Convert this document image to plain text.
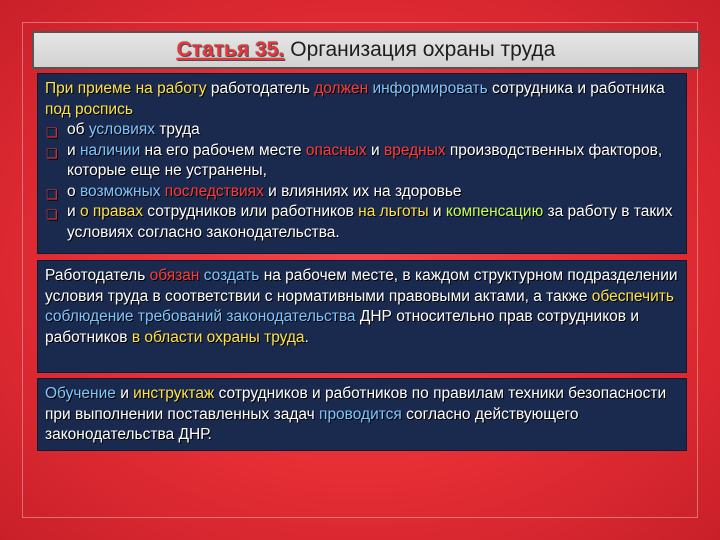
Статья 35. Организация охраны труда
При приеме на работу работодатель должен информировать сотрудника и работника под роспись
❏ об условиях труда
❏ и наличии на его рабочем месте опасных и вредных производственных факторов, которые еще не устранены,
❏ о возможных последствиях и влияниях их на здоровье
❏ и о правах сотрудников или работников на льготы и компенсацию за работу в таких условиях согласно законодательства.
Работодатель обязан создать на рабочем месте, в каждом структурном подразделении условия труда в соответствии с нормативными правовыми актами, а также обеспечить соблюдение требований законодательства ДНР относительно прав сотрудников и работников в области охраны труда.
Обучение и инструктаж сотрудников и работников по правилам техники безопасности при выполнении поставленных задач проводится согласно действующего законодательства ДНР.
